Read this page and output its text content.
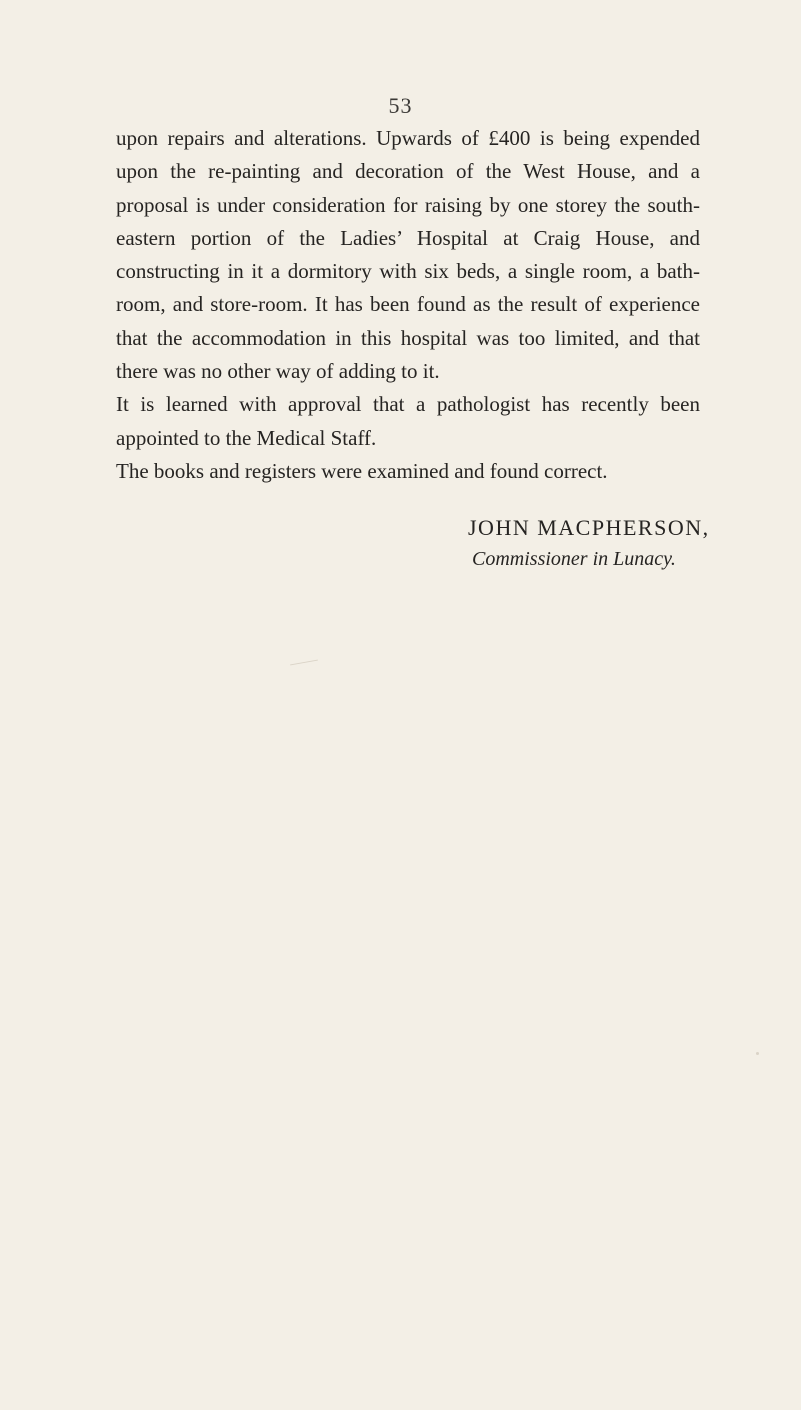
53

upon repairs and alterations. Upwards of £400 is being expended upon the re-painting and decoration of the West House, and a proposal is under consideration for raising by one storey the south-eastern portion of the Ladies’ Hospital at Craig House, and constructing in it a dormitory with six beds, a single room, a bath-room, and store-room. It has been found as the result of experience that the accommodation in this hospital was too limited, and that there was no other way of adding to it.

It is learned with approval that a pathologist has recently been appointed to the Medical Staff.

The books and registers were examined and found correct.

JOHN MACPHERSON,
Commissioner in Lunacy.
